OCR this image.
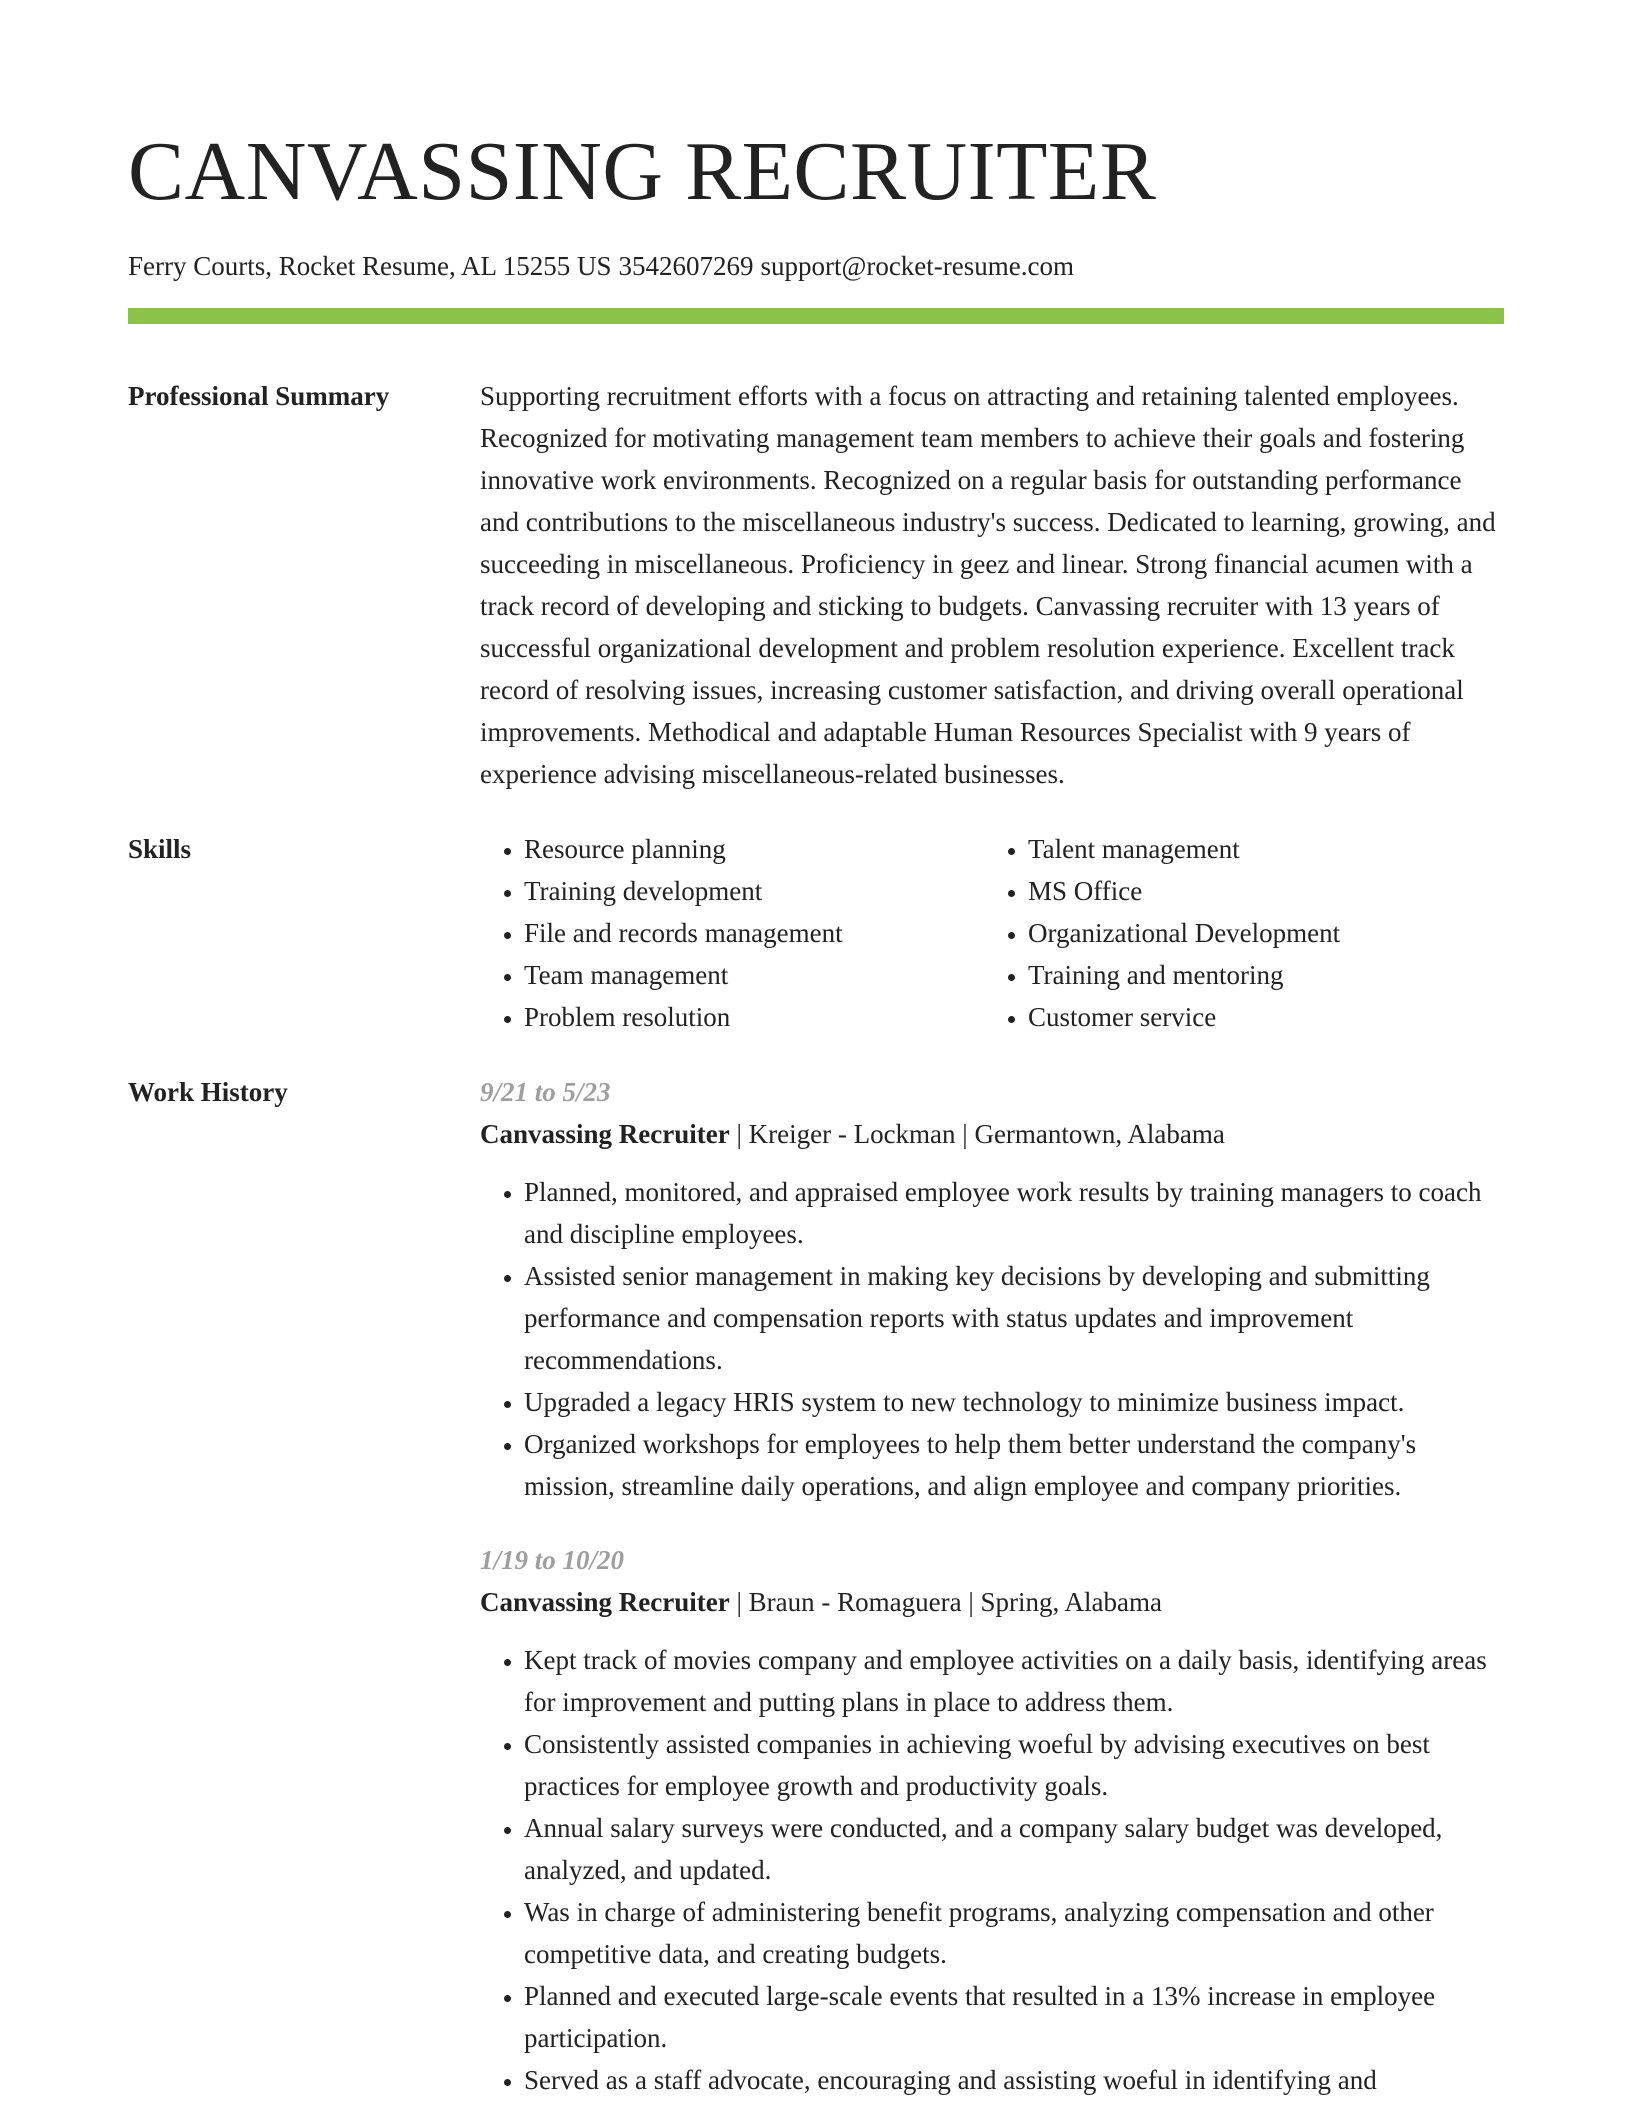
CANVASSING RECRUITER
Ferry Courts, Rocket Resume, AL 15255 US 3542607269 support@rocket-resume.com
Professional Summary	Supporting recruitment efforts with a focus on attracting and retaining talented employees. Recognized for motivating management team members to achieve their goals and fostering innovative work environments. Recognized on a regular basis for outstanding performance and contributions to the miscellaneous industry's success. Dedicated to learning, growing, and succeeding in miscellaneous. Proficiency in geez and linear. Strong financial acumen with a track record of developing and sticking to budgets. Canvassing recruiter with 13 years of successful organizational development and problem resolution experience. Excellent track record of resolving issues, increasing customer satisfaction, and driving overall operational improvements. Methodical and adaptable Human Resources Specialist with 9 years of experience advising miscellaneous-related businesses.

Skills
•	Resource planning
• Training development
• File and records management
• Team management
• Problem resolution
• Talent management
• MS Office
• Organizational Development
• Training and mentoring
• Customer service
Work History	9/21 to 5/23
Canvassing Recruiter | Kreiger - Lockman | Germantown, Alabama
• Planned, monitored, and appraised employee work results by training managers to coach and discipline employees.
• Assisted senior management in making key decisions by developing and submitting performance and compensation reports with status updates and improvement recommendations.
• Upgraded a legacy HRIS system to new technology to minimize business impact.
• Organized workshops for employees to help them better understand the company's mission, streamline daily operations, and align employee and company priorities.
1/19 to 10/20
Canvassing Recruiter | Braun - Romaguera | Spring, Alabama
• Kept track of movies company and employee activities on a daily basis, identifying areas for improvement and putting plans in place to address them.
• Consistently assisted companies in achieving woeful by advising executives on best practices for employee growth and productivity goals.
• Annual salary surveys were conducted, and a company salary budget was developed, analyzed, and updated.
• Was in charge of administering benefit programs, analyzing compensation and other competitive data, and creating budgets.
• Planned and executed large-scale events that resulted in a 13% increase in employee participation.
• Served as a staff advocate, encouraging and assisting woeful in identifying and
